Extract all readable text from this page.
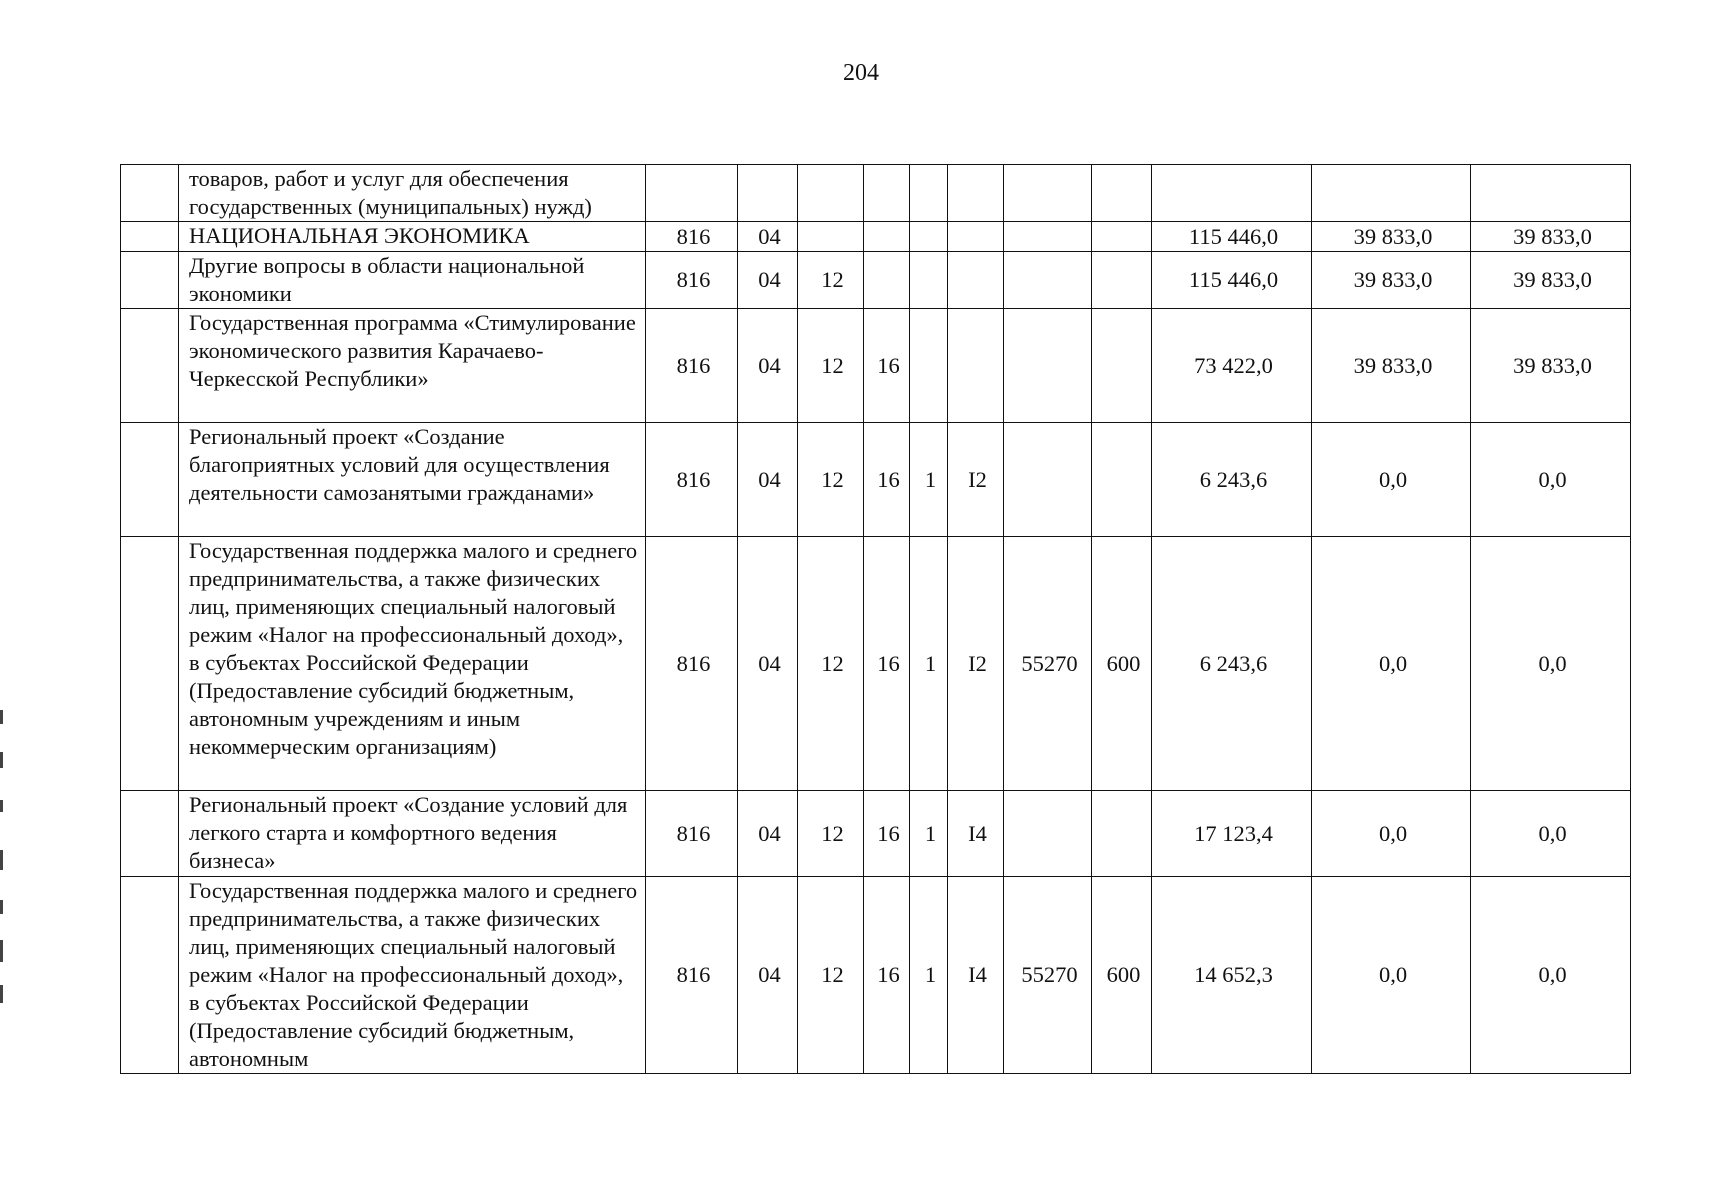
204
	товаров, работ и услуг для обеспечения государственных (муниципальных) нужд)											
	НАЦИОНАЛЬНАЯ ЭКОНОМИКА	816	04							115 446,0	39 833,0	39 833,0
	Другие вопросы в области национальной экономики	816	04	12						115 446,0	39 833,0	39 833,0
	Государственная программа «Стимулирование экономического развития Карачаево-Черкесской Республики»	816	04	12	16					73 422,0	39 833,0	39 833,0
	Региональный проект «Создание благоприятных условий для осуществления деятельности самозанятыми гражданами»	816	04	12	16	1	I2			6 243,6	0,0	0,0
	Государственная поддержка малого и среднего предпринимательства, а также физических лиц, применяющих специальный налоговый режим «Налог на профессиональный доход», в субъектах Российской Федерации (Предоставление субсидий бюджетным, автономным учреждениям и иным некоммерческим организациям)	816	04	12	16	1	I2	55270	600	6 243,6	0,0	0,0
	Региональный проект «Создание условий для легкого старта и комфортного ведения бизнеса»	816	04	12	16	1	I4			17 123,4	0,0	0,0
	Государственная поддержка малого и среднего предпринимательства, а также физических лиц, применяющих специальный налоговый режим «Налог на профессиональный доход», в субъектах Российской Федерации (Предоставление субсидий бюджетным, автономным	816	04	12	16	1	I4	55270	600	14 652,3	0,0	0,0
